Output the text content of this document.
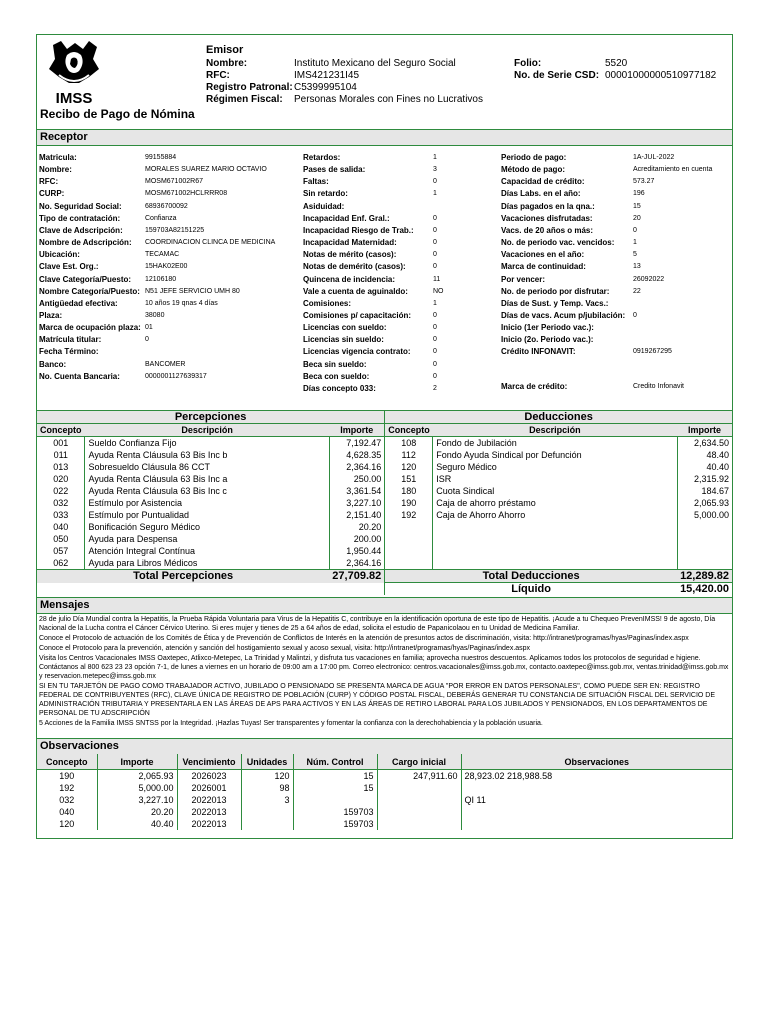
IMSS
Recibo de Pago de Nómina
Emisor
Nombre:	Instituto Mexicano del Seguro Social
RFC:	IMS421231I45
Registro Patronal: C5399995104
Régimen Fiscal: Personas Morales con Fines no Lucrativos
Folio:	5520
No. de Serie CSD: 00001000000510977182
Receptor
Matricula:	99155884
Nombre:	MORALES SUAREZ MARIO OCTAVIO
RFC:	MOSM671002R67
CURP:	MOSM671002HCLRRR08
No. Seguridad Social:	68936700092
Tipo de contratación:	Confianza
Clave de Adscripción:	159703A82151225
Nombre de Adscripción: COORDINACION CLINCA DE MEDICINA
Ubicación:	TECAMAC
Clave Est. Org.:	15HAK02E00
Clave Categoría/Puesto: 12106180
Nombre Categoría/Puesto: N51 JEFE SERVICIO UMH 80
Antigüedad efectiva:	10 años 19 qnas 4 días
Plaza:	38080
Marca de ocupación plaza: 01
Matrícula titular:	0
Fecha Término:
Banco:	BANCOMER
No. Cuenta Bancaria:	0000001127639317
Retardos:	1
Pases de salida:	3
Faltas:	0
Sin retardo:	1
Asiduidad:
Incapacidad Enf. Gral.:	0
Incapacidad Riesgo de Trab.:	0
Incapacidad Maternidad:	0
Notas de mérito (casos):	0
Notas de demérito (casos):	0
Quincena de incidencia:	11
Vale a cuenta de aguinaldo:	NO
Comisiones:	1
Comisiones p/ capacitación:	0
Licencias con sueldo:	0
Licencias sin sueldo:	0
Licencias vigencia contrato:	0
Beca sin sueldo:	0
Beca con sueldo:	0
Días concepto 033:	2
Periodo de pago:	1A-JUL-2022
Método de pago:	Acreditamiento en cuenta
Capacidad de crédito:	573.27
Días Labs. en el año:	196
Días pagados en la qna.:	15
Vacaciones disfrutadas:	20
Vacs. de 20 años o más:	0
No. de periodo vac. vencidos:	1
Vacaciones en el año:	5
Marca de continuidad:	13
Por vencer:	26092022
No. de periodo por disfrutar:	22
Días de Sust. y Temp. Vacs.:
Días de vacs. Acum p/jubilación: 0
Inicio (1er Periodo vac.):
Inicio (2o. Periodo vac.):
Crédito INFONAVIT:	0919267295
Marca de crédito:	Credito Infonavit
Percepciones			Deducciones		
Concepto	Descripción	Importe	Concepto	Descripción	Importe
001	Sueldo Confianza Fijo	7,192.47	108	Fondo de Jubilación	2,634.50
011	Ayuda Renta Cláusula 63 Bis Inc b	4,628.35	112	Fondo Ayuda Sindical por Defunción	48.40
013	Sobresueldo Cláusula 86 CCT	2,364.16	120	Seguro Médico	40.40
020	Ayuda Renta Cláusula 63 Bis Inc a	250.00	151	ISR	2,315.92
022	Ayuda Renta Cláusula 63 Bis Inc c	3,361.54	180	Cuota Sindical	184.67
032	Estímulo por Asistencia	3,227.10	190	Caja de ahorro préstamo	2,065.93
033	Estímulo por Puntualidad	2,151.40	192	Caja de Ahorro Ahorro	5,000.00
040	Bonificación Seguro Médico	20.20			
050	Ayuda para Despensa	200.00			
057	Atención Integral Contínua	1,950.44			
062	Ayuda para Libros Médicos	2,364.16			
Total Percepciones		27,709.82	Total Deducciones		12,289.82
			Líquido		15,420.00
Mensajes

28 de julio Día Mundial contra la Hepatitis, la Prueba Rápida Voluntaria para Virus de la Hepatitis C, contribuye en la identificación oportuna de este tipo de Hepatitis. ¡Acude a tu Chequeo PrevenIMSS! 9 de agosto, Día Nacional de la Lucha contra el Cáncer Cérvico Uterino. Si eres mujer y tienes de 25 a 64 años de edad, solicita el estudio de Papanicolaou en tu Unidad de Medicina Familiar.

Conoce el Protocolo de actuación de los Comités de Ética y de Prevención de Conflictos de Interés en la atención de presuntos actos de discriminación, visita: http://intranet/programas/hyas/Paginas/index.aspx

Conoce el Protocolo para la prevención, atención y sanción del hostigamiento sexual y acoso sexual, visita: http://intranet/programas/hyas/Paginas/index.aspx

Visita los Centros Vacacionales IMSS Oaxtepec, Atlixco-Metepec, La Trinidad y Malintzi, y disfruta tus vacaciones en familia; aprovecha nuestros descuentos. Aplicamos todos los protocolos de seguridad e higiene. Contáctanos al 800 623 23 23 opción 7-1, de lunes a viernes en un horario de 09:00 am a 17:00 pm. Correo electronico: centros.vacacionales@imss.gob.mx, contacto.oaxtepec@imss.gob.mx, ventas.trinidad@imss.gob.mx y reservacion.metepec@imss.gob.mx

SI EN TU TARJETÓN DE PAGO COMO TRABAJADOR ACTIVO, JUBILADO O PENSIONADO SE PRESENTA MARCA DE AGUA "POR ERROR EN DATOS PERSONALES", COMO PUEDE SER EN: REGISTRO FEDERAL DE CONTRIBUYENTES (RFC), CLAVE ÚNICA DE REGISTRO DE POBLACIÓN (CURP) Y CÓDIGO POSTAL FISCAL, DEBERÁS GENERAR TU CONSTANCIA DE SITUACIÓN FISCAL DEL SERVICIO DE ADMINISTRACIÓN TRIBUTARIA Y PRESENTARLA EN LAS ÁREAS DE APS PARA ACTIVOS Y EN LAS ÁREAS DE RETIRO LABORAL PARA LOS JUBILADOS Y PENSIONADOS, EN LOS DEPARTAMENTOS DE PERSONAL DE TU ADSCRIPCIÓN

5 Acciones de la Familia IMSS SNTSS por la Integridad. ¡Hazlas Tuyas! Ser transparentes y fomentar la confianza con la derechohabiencia y la población usuaria.

Observaciones
Concepto	Importe	Vencimiento	Unidades	Núm. Control	Cargo inicial	Observaciones
190	2,065.93	2026023	120	15	247,911.60	28,923.02 218,988.58
192	5,000.00	2026001	98	15		
032	3,227.10	2022013	3			QI 11
040	20.20	2022013		159703		
120	40.40	2022013		159703		
